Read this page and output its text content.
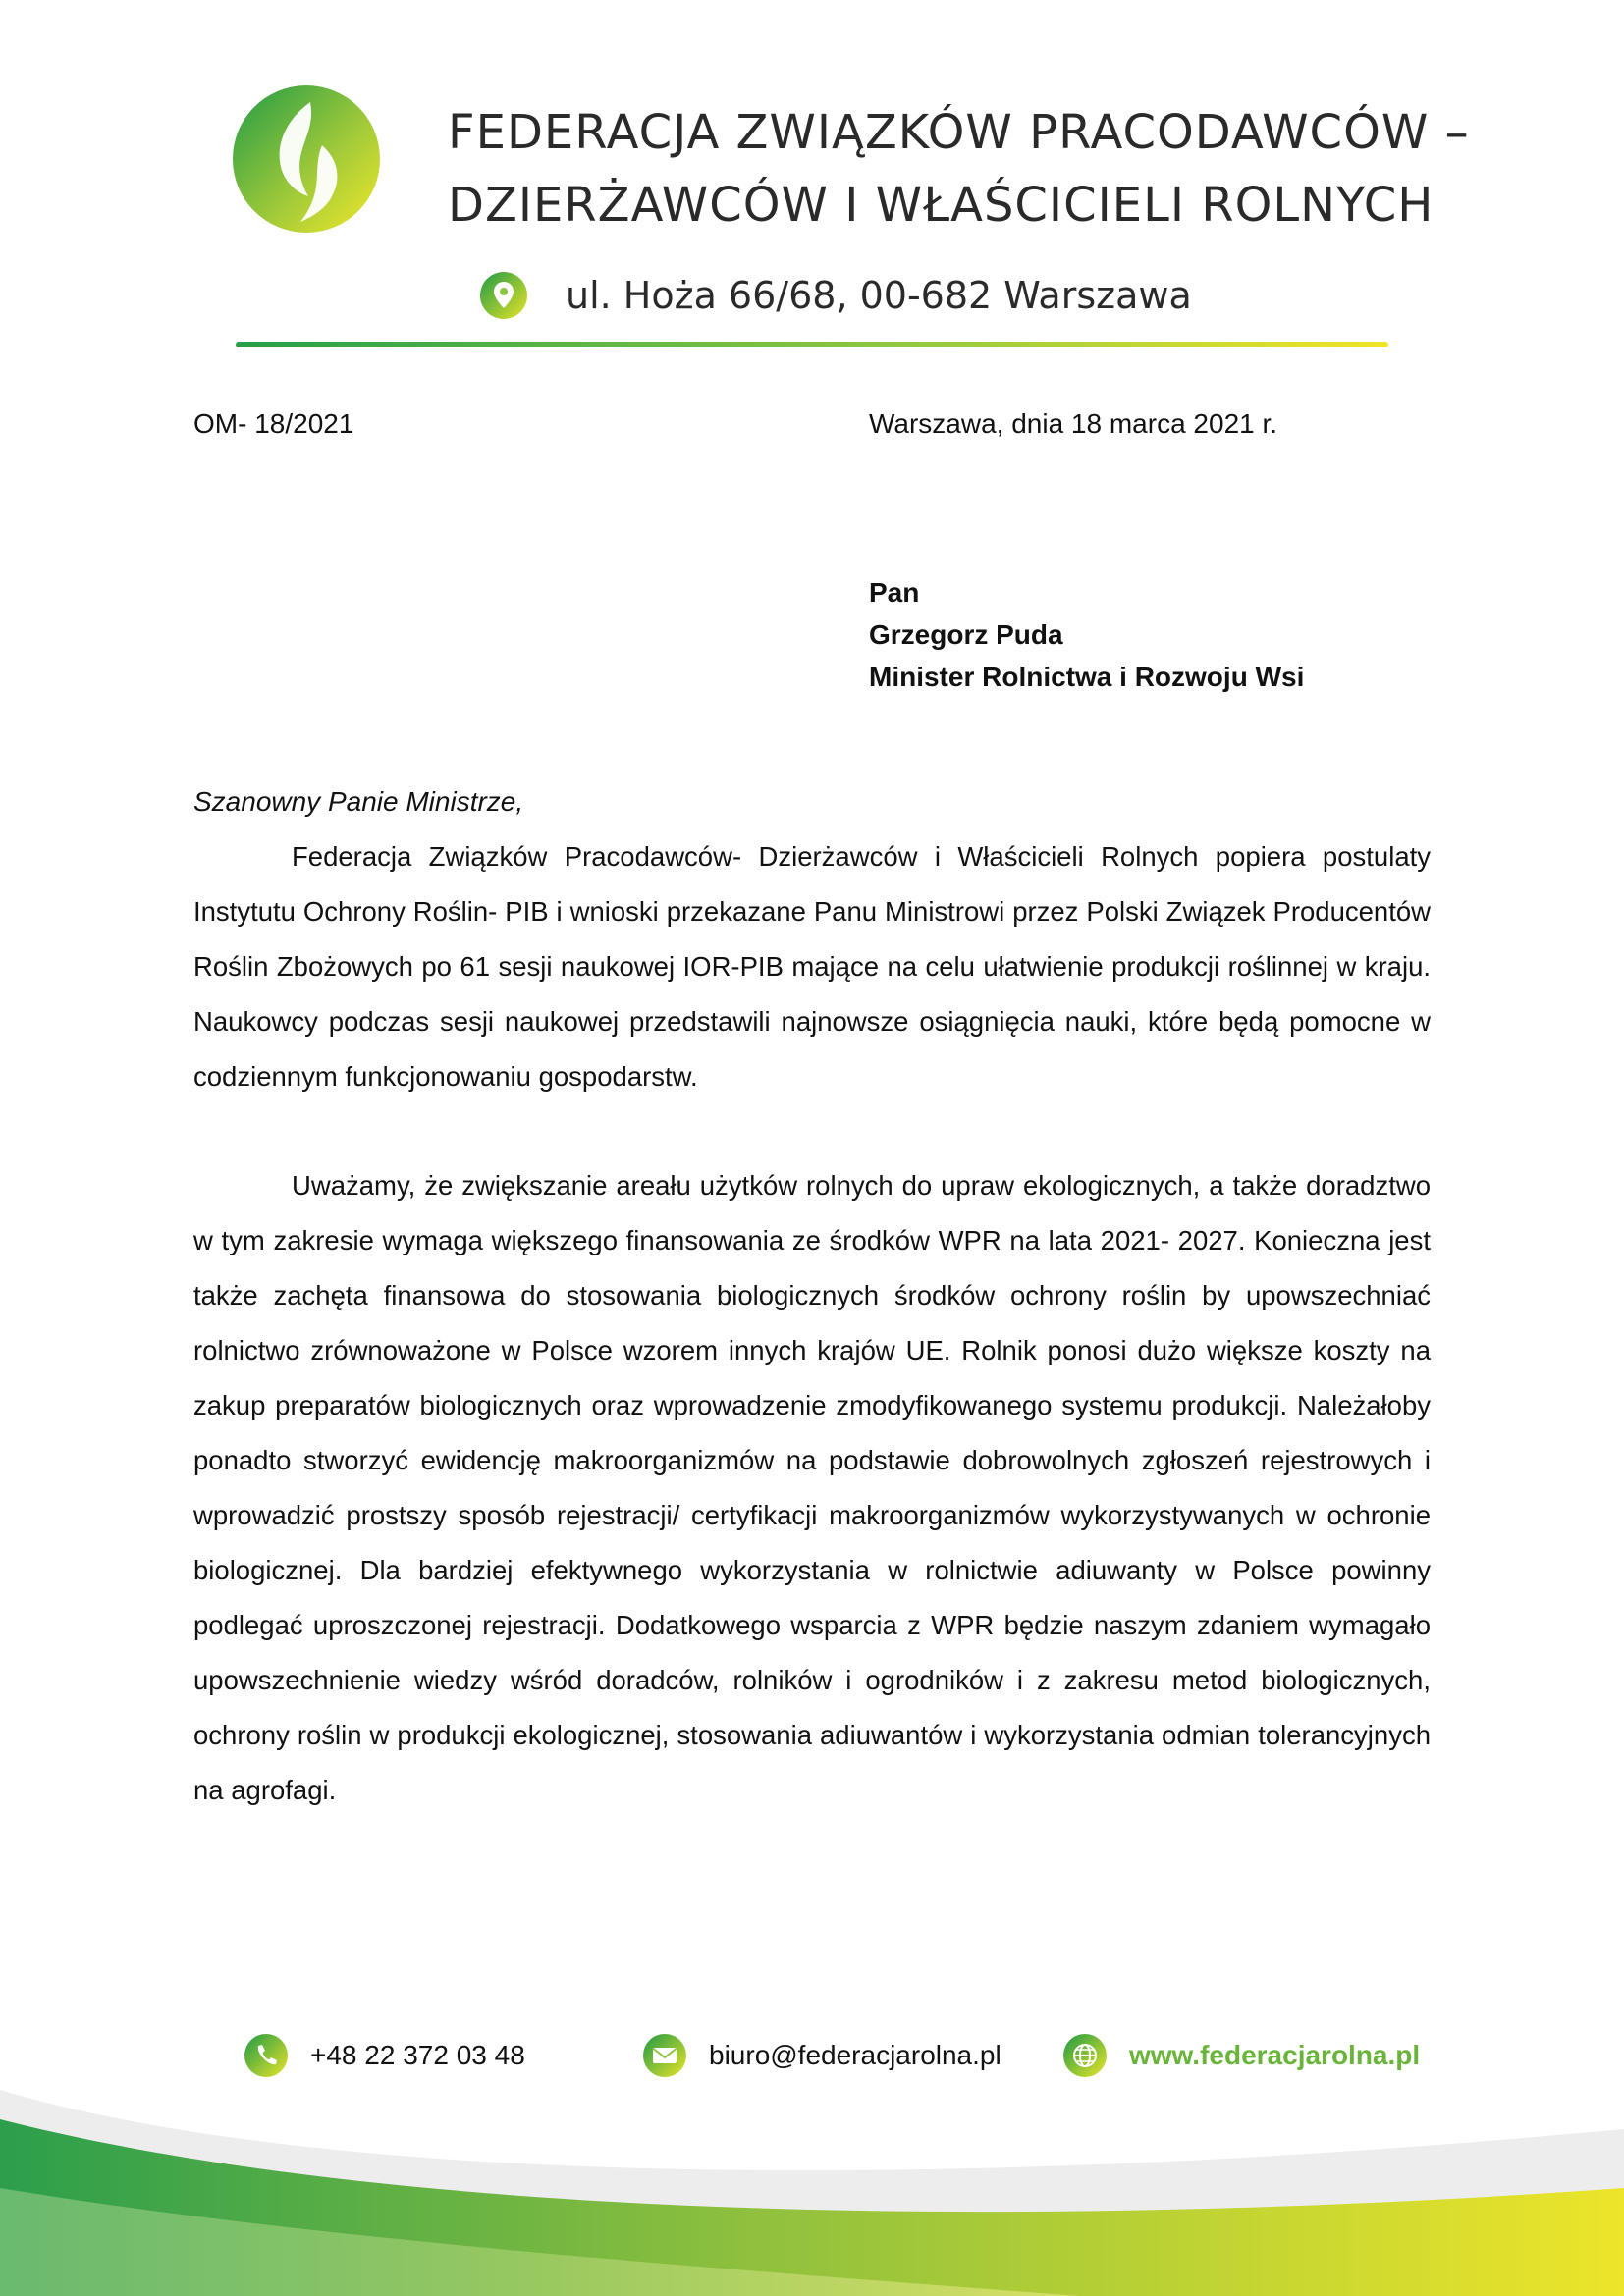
FEDERACJA ZWIĄZKÓW PRACODAWCÓW –
DZIERŻAWCÓW I WŁAŚCICIELI ROLNYCH
ul. Hoża 66/68, 00-682 Warszawa
OM- 18/2021	Warszawa, dnia 18 marca 2021 r.
Pan
Grzegorz Puda
Minister Rolnictwa i Rozwoju Wsi
Szanowny Panie Ministrze,

Federacja Związków Pracodawców- Dzierżawców i Właścicieli Rolnych popiera postulaty Instytutu Ochrony Roślin- PIB i wnioski przekazane Panu Ministrowi przez Polski Związek Producentów Roślin Zbożowych po 61 sesji naukowej IOR-PIB mające na celu ułatwienie produkcji roślinnej w kraju. Naukowcy podczas sesji naukowej przedstawili najnowsze osiągnięcia nauki, które będą pomocne w codziennym funkcjonowaniu gospodarstw.

Uważamy, że zwiększanie areału użytków rolnych do upraw ekologicznych, a także doradztwo w tym zakresie wymaga większego finansowania ze środków WPR na lata 2021- 2027. Konieczna jest także zachęta finansowa do stosowania biologicznych środków ochrony roślin by upowszechniać rolnictwo zrównoważone w Polsce wzorem innych krajów UE. Rolnik ponosi dużo większe koszty na zakup preparatów biologicznych oraz wprowadzenie zmodyfikowanego systemu produkcji. Należałoby ponadto stworzyć ewidencję makroorganizmów na podstawie dobrowolnych zgłoszeń rejestrowych i wprowadzić prostszy sposób rejestracji/ certyfikacji makroorganizmów wykorzystywanych w ochronie biologicznej. Dla bardziej efektywnego wykorzystania w rolnictwie adiuwanty w Polsce powinny podlegać uproszczonej rejestracji. Dodatkowego wsparcia z WPR będzie naszym zdaniem wymagało upowszechnienie wiedzy wśród doradców, rolników i ogrodników i z zakresu metod biologicznych, ochrony roślin w produkcji ekologicznej, stosowania adiuwantów i wykorzystania odmian tolerancyjnych na agrofagi.

+48 22 372 03 48	biuro@federacjarolna.pl	www.federacjarolna.pl
